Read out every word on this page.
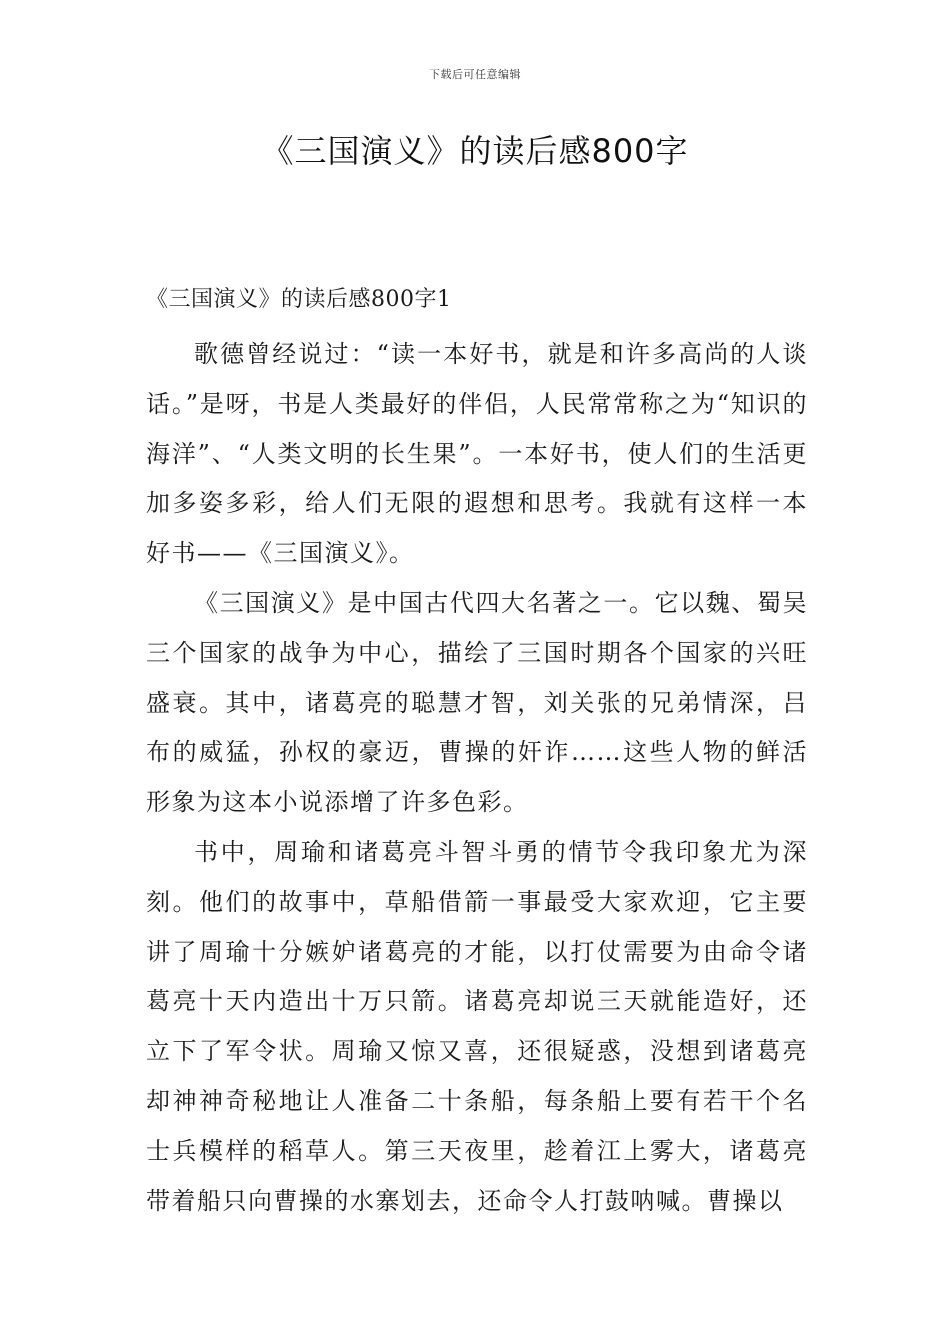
下载后可任意编辑
《三国演义》的读后感800字

《三国演义》的读后感800字1

歌德曾经说过：“读一本好书，就是和许多高尚的人谈话。”是呀，书是人类最好的伴侣，人民常常称之为“知识的海洋”、“人类文明的长生果”。一本好书，使人们的生活更加多姿多彩，给人们无限的遐想和思考。我就有这样一本好书——《三国演义》。

《三国演义》是中国古代四大名著之一。它以魏、蜀吴三个国家的战争为中心，描绘了三国时期各个国家的兴旺盛衰。其中，诸葛亮的聪慧才智，刘关张的兄弟情深，吕布的威猛，孙权的豪迈，曹操的奸诈……这些人物的鲜活形象为这本小说添增了许多色彩。

书中，周瑜和诸葛亮斗智斗勇的情节令我印象尤为深刻。他们的故事中，草船借箭一事最受大家欢迎，它主要讲了周瑜十分嫉妒诸葛亮的才能，以打仗需要为由命令诸葛亮十天内造出十万只箭。诸葛亮却说三天就能造好，还立下了军令状。周瑜又惊又喜，还很疑惑，没想到诸葛亮却神神奇秘地让人准备二十条船，每条船上要有若干个名士兵模样的稻草人。第三天夜里，趁着江上雾大，诸葛亮带着船只向曹操的水寨划去，还命令人打鼓呐喊。曹操以
